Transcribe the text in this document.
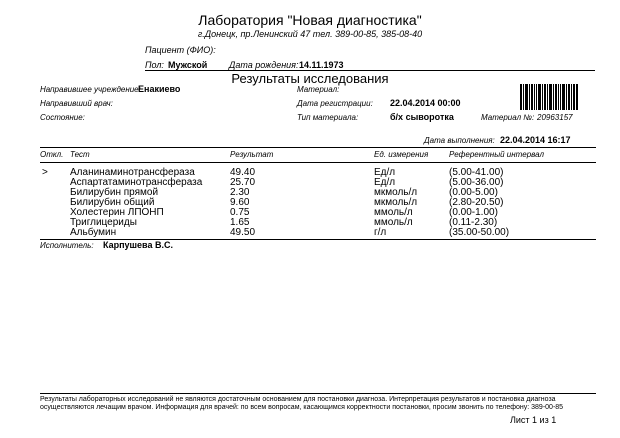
Лаборатория "Новая диагностика"
г.Донецк, пр.Ленинский 47 тел. 389-00-85, 385-08-40
Пациент (ФИО):
Пол: Мужской Дата рождения: 14.11.1973
Результаты исследования
Направившее учреждение:
Енакиево
Направивший врач:
Состояние:
Материал:
Дата регистрации: 22.04.2014 00:00
Тип материала:	б/х сыворотка	Материал №: 20963157
Дата выполнения: 22.04.2014 16:17
Откл. Тест	Результат	Ед. измерения	Референтный интервал
> Аланинаминотрансфераза	49.40	Ед/л	(5.00-41.00)
Аспартатаминотрансфераза	25.70	Ед/л	(5.00-36.00)
Билирубин прямой	2.30	мкмоль/л	(0.00-5.00)
Билирубин общий	9.60	мкмоль/л	(2.80-20.50)
Холестерин ЛПОНП	0.75	ммоль/л	(0.00-1.00)
Триглицериды	1.65	ммоль/л	(0.11-2.30)
Альбумин	49.50	г/л	(35.00-50.00)
Исполнитель: Карпушева В.С.
Результаты лабораторных исследований не являются достаточным основанием для постановки диагноза. Интерпретация результатов и постановка диагноза осуществляются лечащим врачом. Информация для врачей: по всем вопросам, касающимся корректности постановки, просим звонить по телефону: 389-00-85
Лист 1 из 1
